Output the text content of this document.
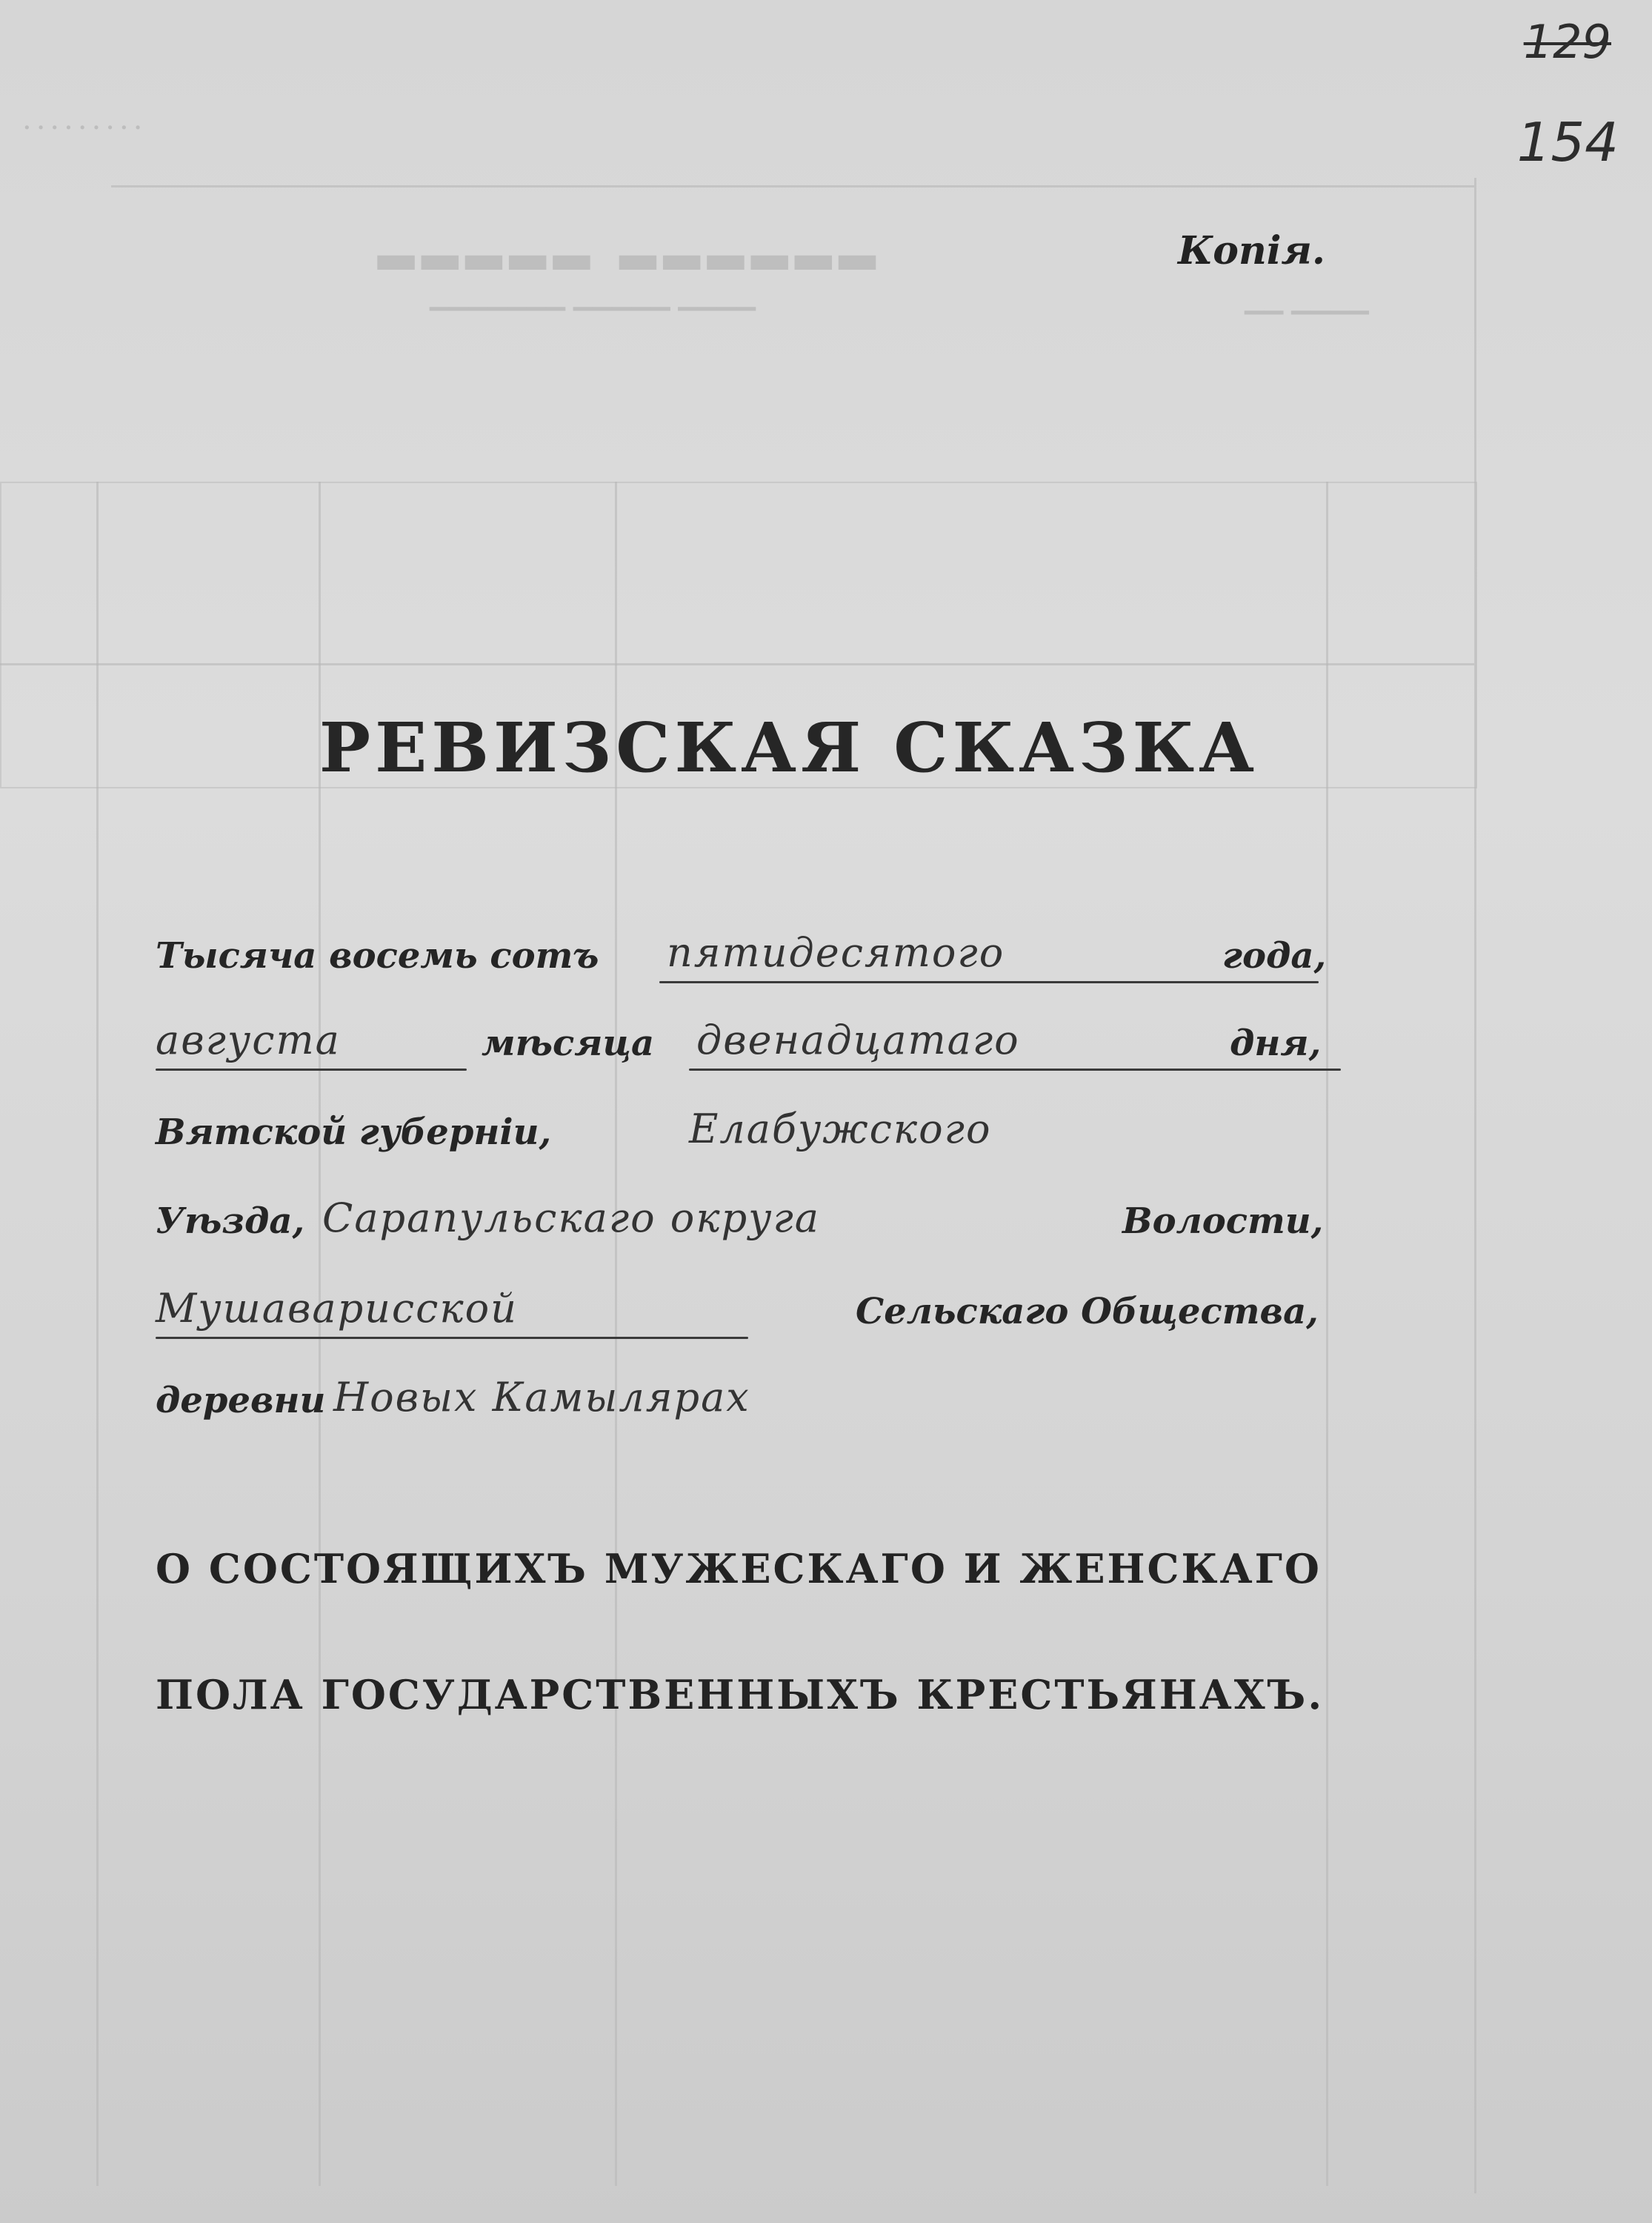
·········
▂▂▂▂▂▂ ▂▂▂▂▂
▁▁▁▁ ▁▁▁▁▁ ▁▁▁▁▁▁▁	▁▁▁▁ ▁▁
129
154
Копія.
РЕВИЗСКАЯ СКАЗКА
Тысяча восемь сотъ пятидесятого	года,
августа	мѣсяца двенадцатаго	дня,
Вятской губерніи,	Елабужского
Уѣзда, Сарапульскаго округа	Волости,
Мушаварисской	Сельскаго Общества,
деревни Новых Камылярах
О СОСТОЯЩИХЪ МУЖЕСКАГО И ЖЕНСКАГО
ПОЛА ГОСУДАРСТВЕННЫХЪ КРЕСТЬЯНАХЪ.
